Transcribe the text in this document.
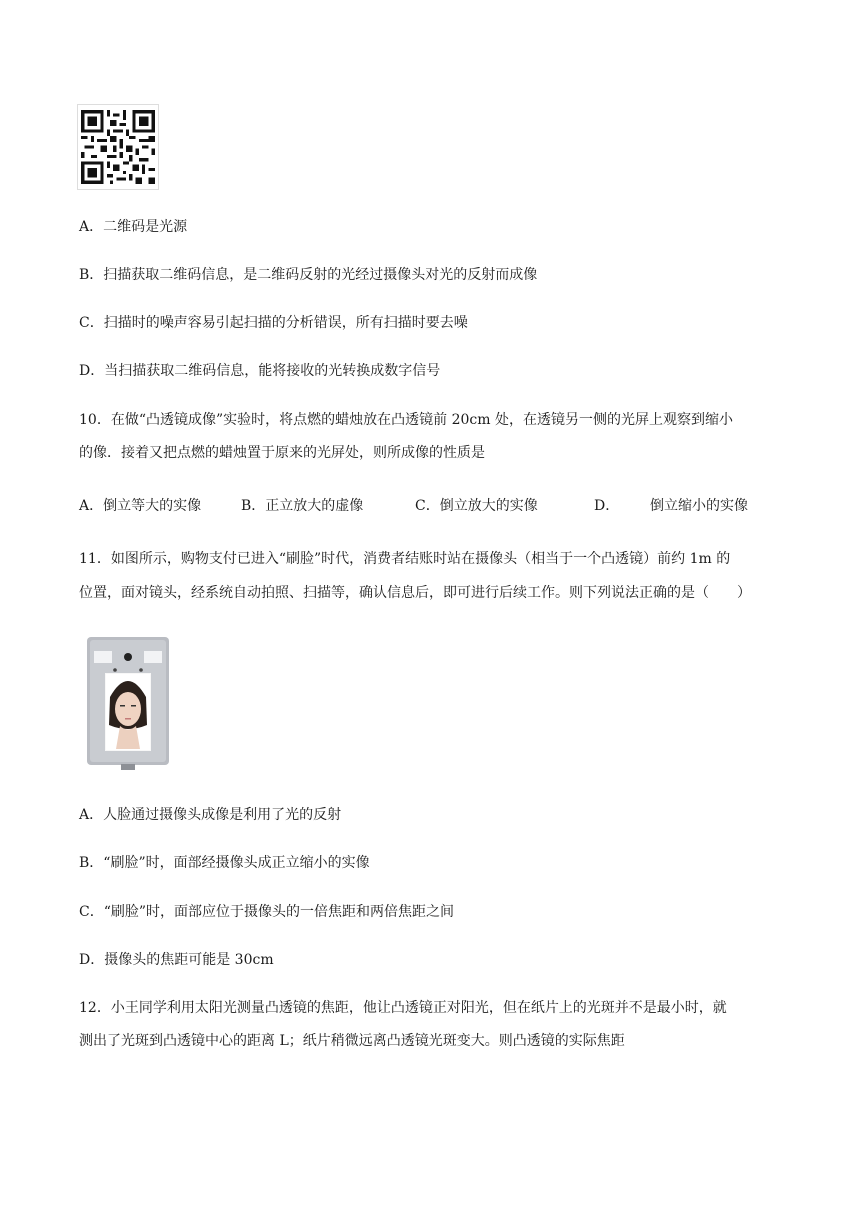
A．二维码是光源
B．扫描获取二维码信息，是二维码反射的光经过摄像头对光的反射而成像
C．扫描时的噪声容易引起扫描的分析错误，所有扫描时要去噪
D．当扫描获取二维码信息，能将接收的光转换成数字信号
10．在做“凸透镜成像”实验时，将点燃的蜡烛放在凸透镜前 20cm 处，在透镜另一侧的光屏上观察到缩小
的像．接着又把点燃的蜡烛置于原来的光屏处，则所成像的性质是
A．倒立等大的实像	B．正立放大的虚像	C．倒立放大的实像	D． 倒立缩小的实像
11．如图所示，购物支付已进入“刷脸”时代，消费者结账时站在摄像头（相当于一个凸透镜）前约 1m 的
位置，面对镜头，经系统自动拍照、扫描等，确认信息后，即可进行后续工作。则下列说法正确的是（　　）
A．人脸通过摄像头成像是利用了光的反射
B．“刷脸”时，面部经摄像头成正立缩小的实像
C．“刷脸”时，面部应位于摄像头的一倍焦距和两倍焦距之间
D．摄像头的焦距可能是 30cm
12．小王同学利用太阳光测量凸透镜的焦距，他让凸透镜正对阳光，但在纸片上的光斑并不是最小时，就
测出了光斑到凸透镜中心的距离 L；纸片稍微远离凸透镜光斑变大。则凸透镜的实际焦距
